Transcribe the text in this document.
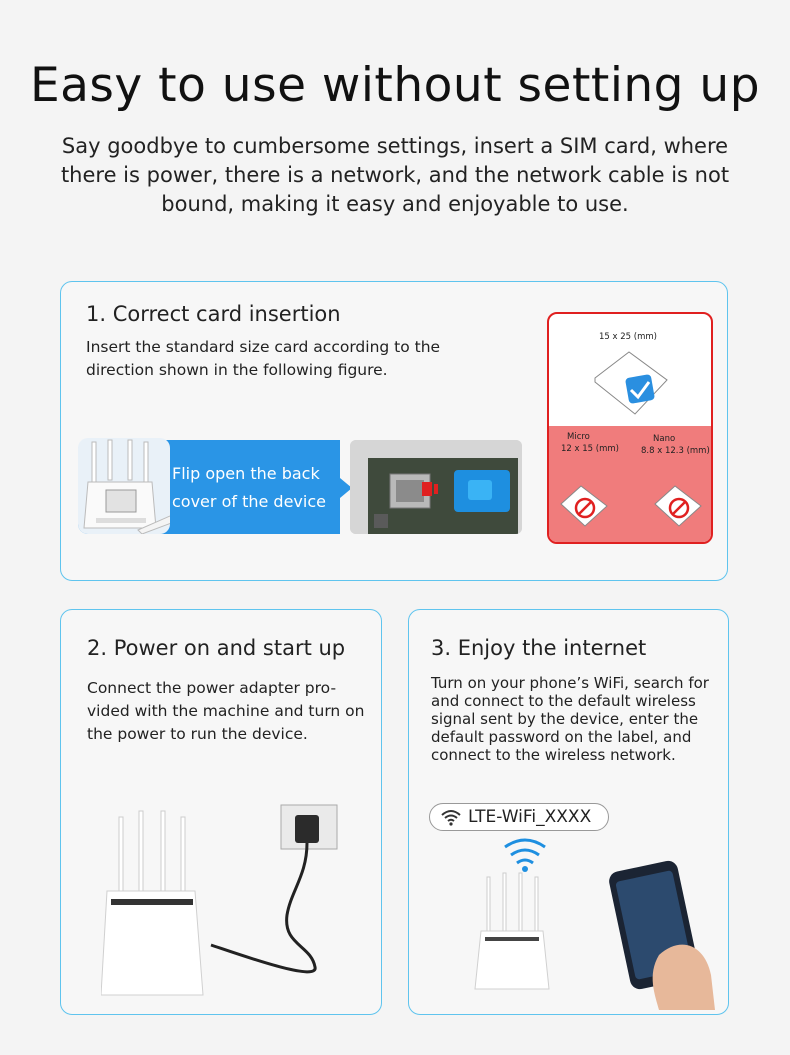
Easy to use without setting up

Say goodbye to cumbersome settings, insert a SIM card, where there is power, there is a network, and the network cable is not bound, making it easy and enjoyable to use.

1. Correct card insertion
Insert the standard size card according to the direction shown in the following figure.
Flip open the back
cover of the device
15 x 25 (mm)
Micro
12 x 15 (mm)
Nano
8.8 x 12.3 (mm)
2. Power on and start up
Connect the power adapter pro-vided with the machine and turn on the power to run the device.
3. Enjoy the internet
Turn on your phone’s WiFi, search for and connect to the default wireless signal sent by the device, enter the default password on the label, and connect to the wireless network.
LTE-WiFi_XXXX
